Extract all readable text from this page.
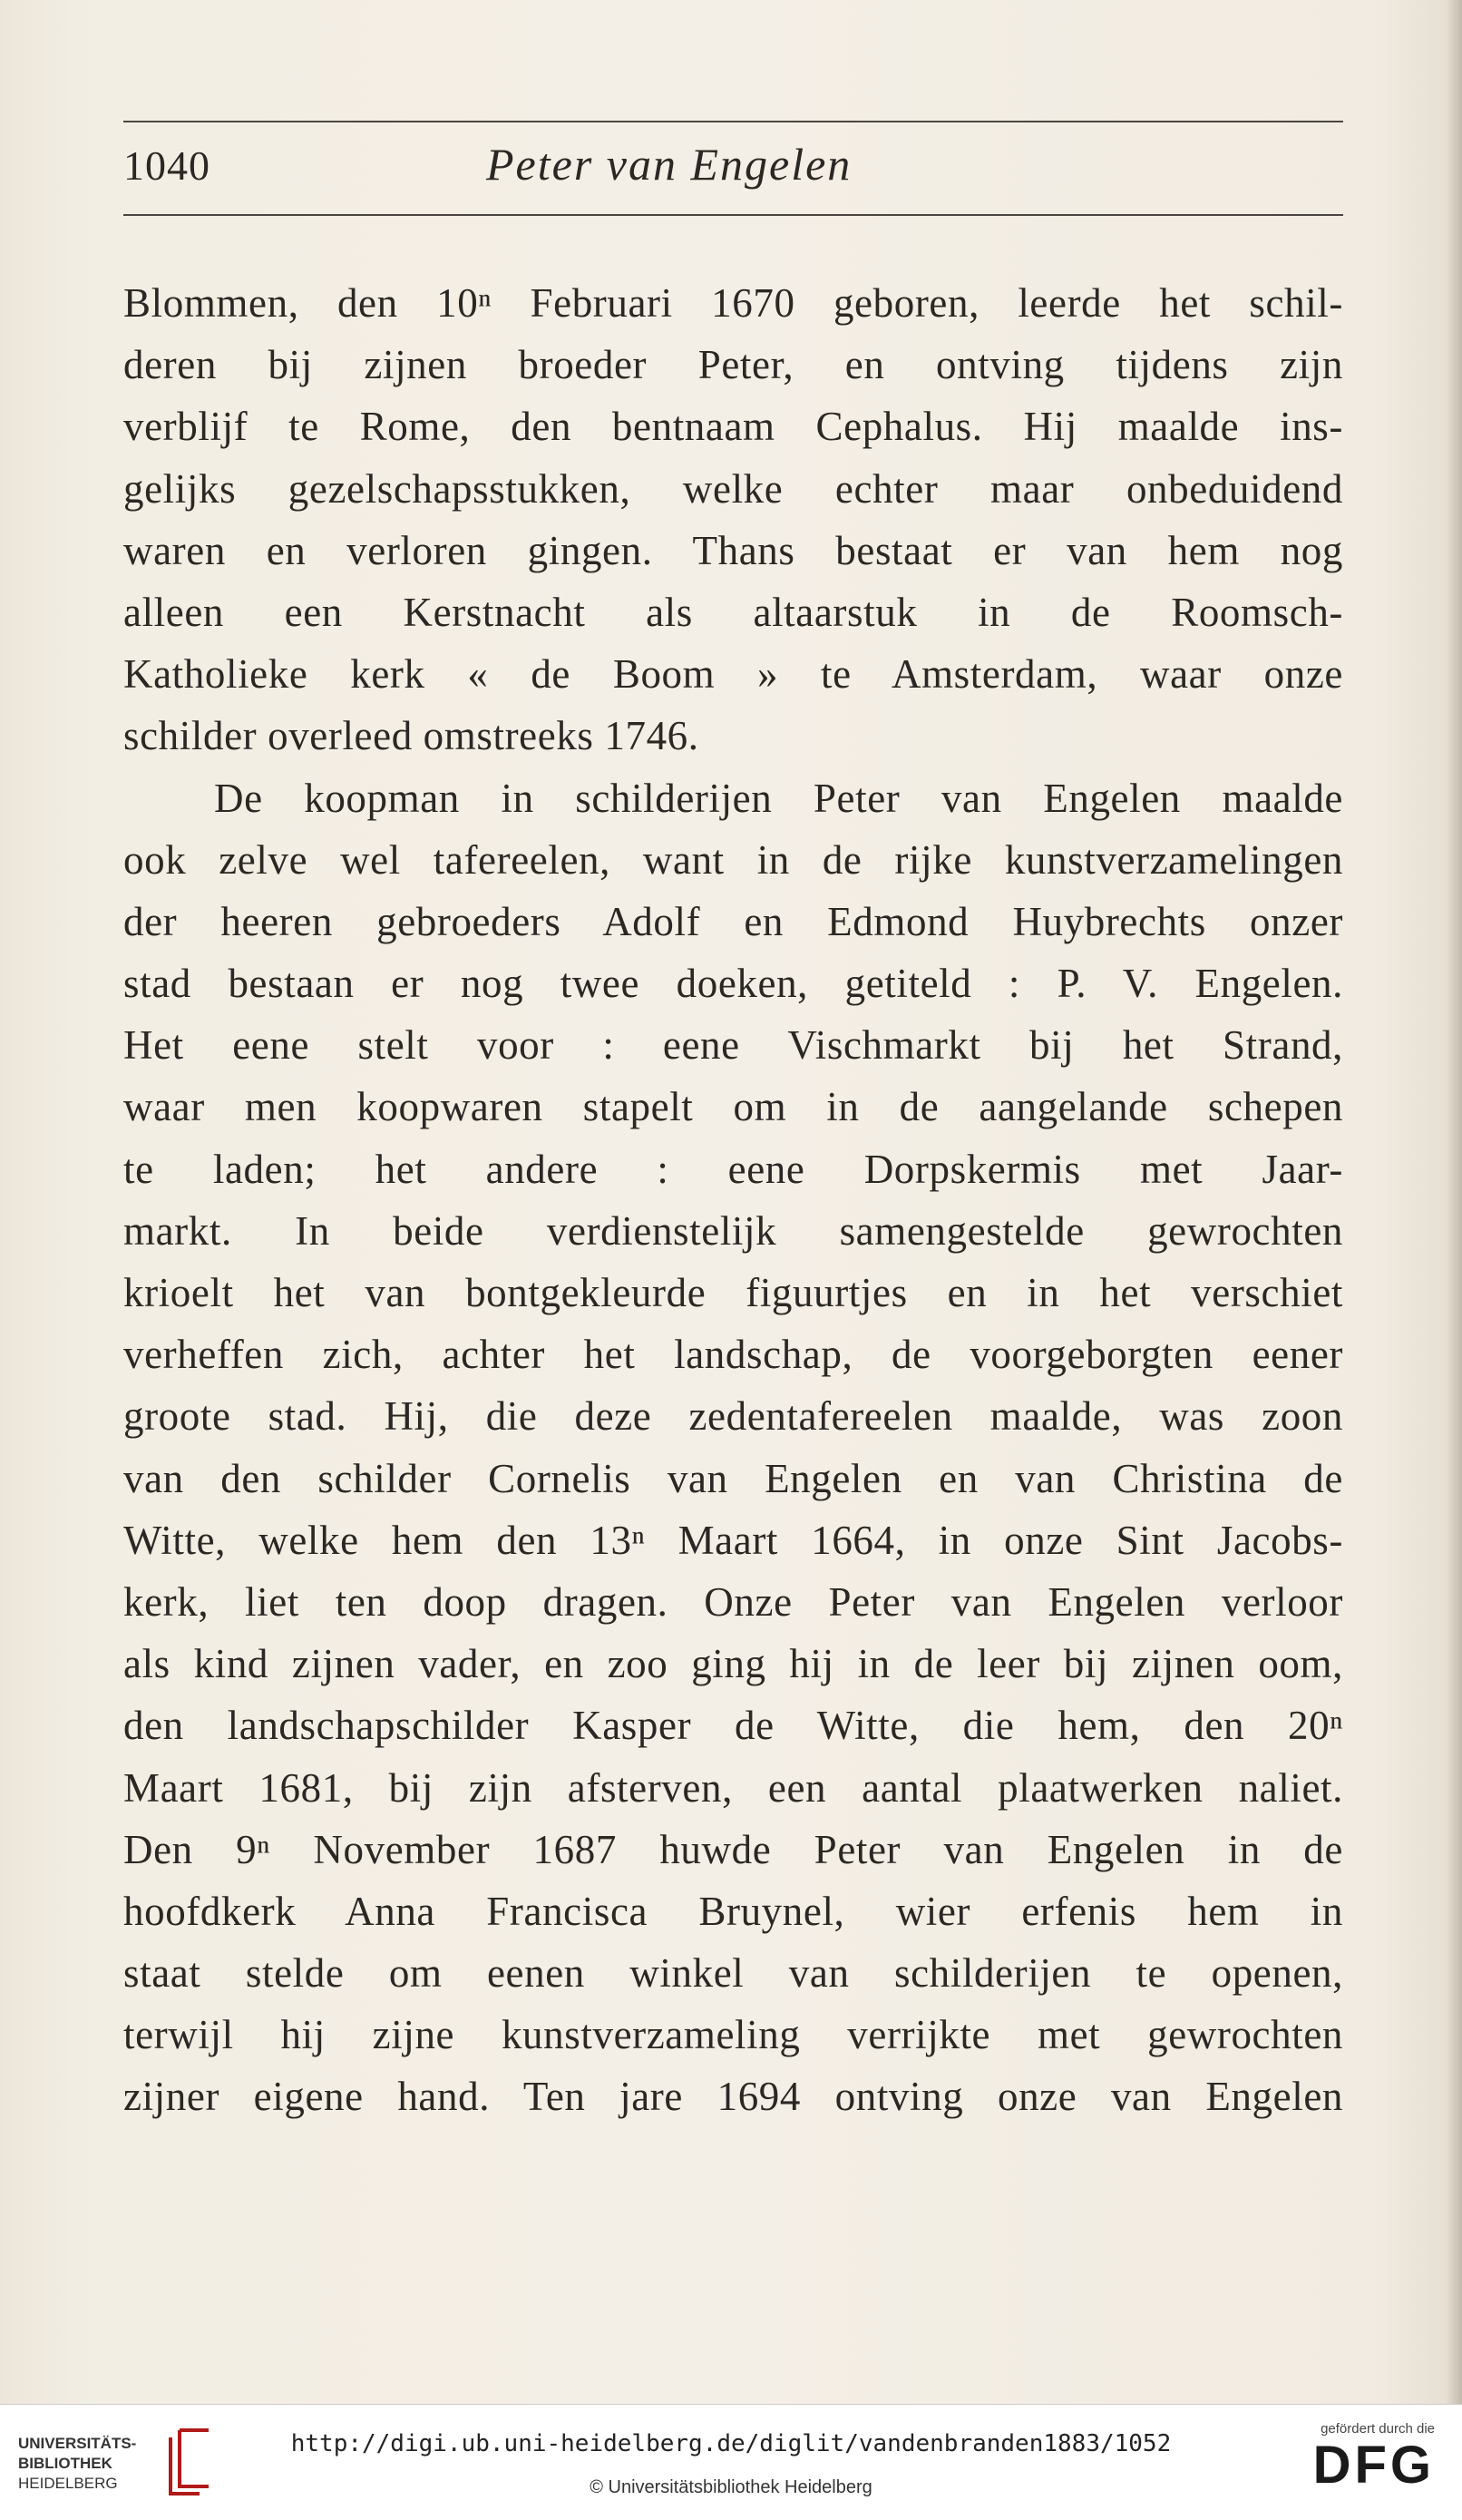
1040	Peter van Engelen
Blommen, den 10ⁿ Februari 1670 geboren, leerde het schil-
deren bij zijnen broeder Peter, en ontving tijdens zijn
verblijf te Rome, den bentnaam Cephalus. Hij maalde ins-
gelijks gezelschapsstukken, welke echter maar onbeduidend
waren en verloren gingen. Thans bestaat er van hem nog
alleen een Kerstnacht als altaarstuk in de Roomsch-
Katholieke kerk « de Boom » te Amsterdam, waar onze
schilder overleed omstreeks 1746.
De koopman in schilderijen Peter van Engelen maalde
ook zelve wel tafereelen, want in de rijke kunstverzamelingen
der heeren gebroeders Adolf en Edmond Huybrechts onzer
stad bestaan er nog twee doeken, getiteld : P. V. Engelen.
Het eene stelt voor : eene Vischmarkt bij het Strand,
waar men koopwaren stapelt om in de aangelande schepen
te laden; het andere : eene Dorpskermis met Jaar-
markt. In beide verdienstelijk samengestelde gewrochten
krioelt het van bontgekleurde figuurtjes en in het verschiet
verheffen zich, achter het landschap, de voorgeborgten eener
groote stad. Hij, die deze zedentafereelen maalde, was zoon
van den schilder Cornelis van Engelen en van Christina de
Witte, welke hem den 13ⁿ Maart 1664, in onze Sint Jacobs-
kerk, liet ten doop dragen. Onze Peter van Engelen verloor
als kind zijnen vader, en zoo ging hij in de leer bij zijnen oom,
den landschapschilder Kasper de Witte, die hem, den 20ⁿ
Maart 1681, bij zijn afsterven, een aantal plaatwerken naliet.
Den 9ⁿ November 1687 huwde Peter van Engelen in de
hoofdkerk Anna Francisca Bruynel, wier erfenis hem in
staat stelde om eenen winkel van schilderijen te openen,
terwijl hij zijne kunstverzameling verrijkte met gewrochten
zijner eigene hand. Ten jare 1694 ontving onze van Engelen
UNIVERSITÄTS-
BIBLIOTHEK
HEIDELBERG
http://digi.ub.uni-heidelberg.de/diglit/vandenbranden1883/1052
© Universitätsbibliothek Heidelberg
gefördert durch die
DFG
